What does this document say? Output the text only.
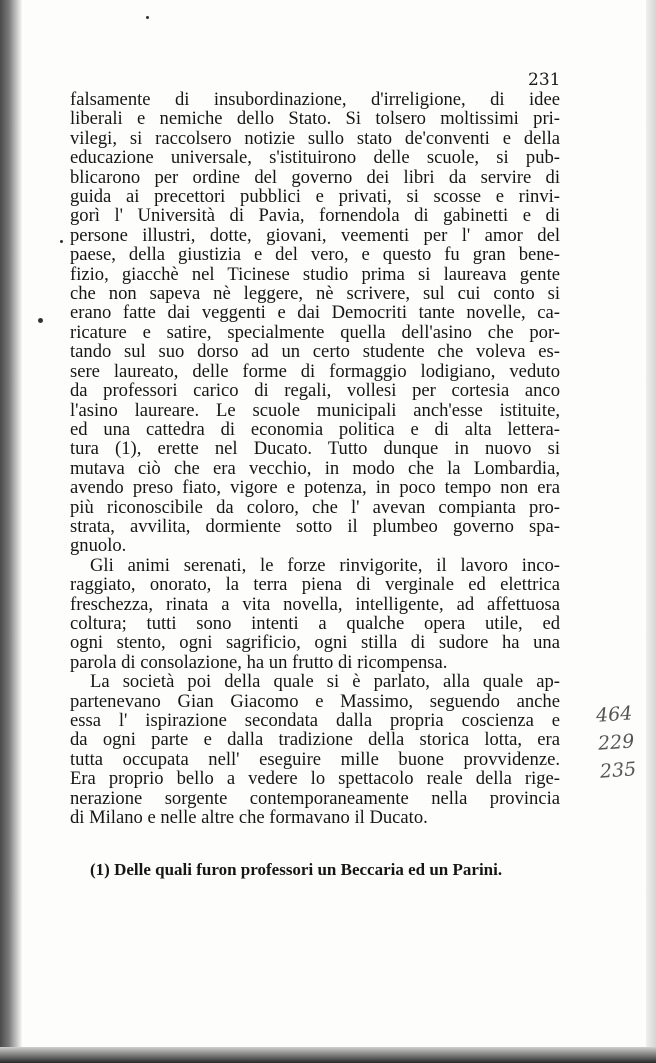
231
falsamente di insubordinazione, d'irreligione, di idee
liberali e nemiche dello Stato. Si tolsero moltissimi pri-
vilegi, si raccolsero notizie sullo stato de'conventi e della
educazione universale, s'istituirono delle scuole, si pub-
blicarono per ordine del governo dei libri da servire di
guida ai precettori pubblici e privati, si scosse e rinvi-
gorì l' Università di Pavia, fornendola di gabinetti e di
persone illustri, dotte, giovani, veementi per l' amor del
paese, della giustizia e del vero, e questo fu gran bene-
fizio, giacchè nel Ticinese studio prima si laureava gente
che non sapeva nè leggere, nè scrivere, sul cui conto si
erano fatte dai veggenti e dai Democriti tante novelle, ca-
ricature e satire, specialmente quella dell'asino che por-
tando sul suo dorso ad un certo studente che voleva es-
sere laureato, delle forme di formaggio lodigiano, veduto
da professori carico di regali, vollesi per cortesia anco
l'asino laureare. Le scuole municipali anch'esse istituite,
ed una cattedra di economia politica e di alta lettera-
tura (1), erette nel Ducato. Tutto dunque in nuovo si
mutava ciò che era vecchio, in modo che la Lombardia,
avendo preso fiato, vigore e potenza, in poco tempo non era
più riconoscibile da coloro, che l' avevan compianta pro-
strata, avvilita, dormiente sotto il plumbeo governo spa-
gnuolo.
Gli animi serenati, le forze rinvigorite, il lavoro inco-
raggiato, onorato, la terra piena di verginale ed elettrica
freschezza, rinata a vita novella, intelligente, ad affettuosa
coltura; tutti sono intenti a qualche opera utile, ed
ogni stento, ogni sagrificio, ogni stilla di sudore ha una
parola di consolazione, ha un frutto di ricompensa.
La società poi della quale si è parlato, alla quale ap-
partenevano Gian Giacomo e Massimo, seguendo anche
essa l' ispirazione secondata dalla propria coscienza e
da ogni parte e dalla tradizione della storica lotta, era
tutta occupata nell' eseguire mille buone provvidenze.
Era proprio bello a vedere lo spettacolo reale della rige-
nerazione sorgente contemporaneamente nella provincia
di Milano e nelle altre che formavano il Ducato.
(1) Delle quali furon professori un Beccaria ed un Parini.
464
229
235
